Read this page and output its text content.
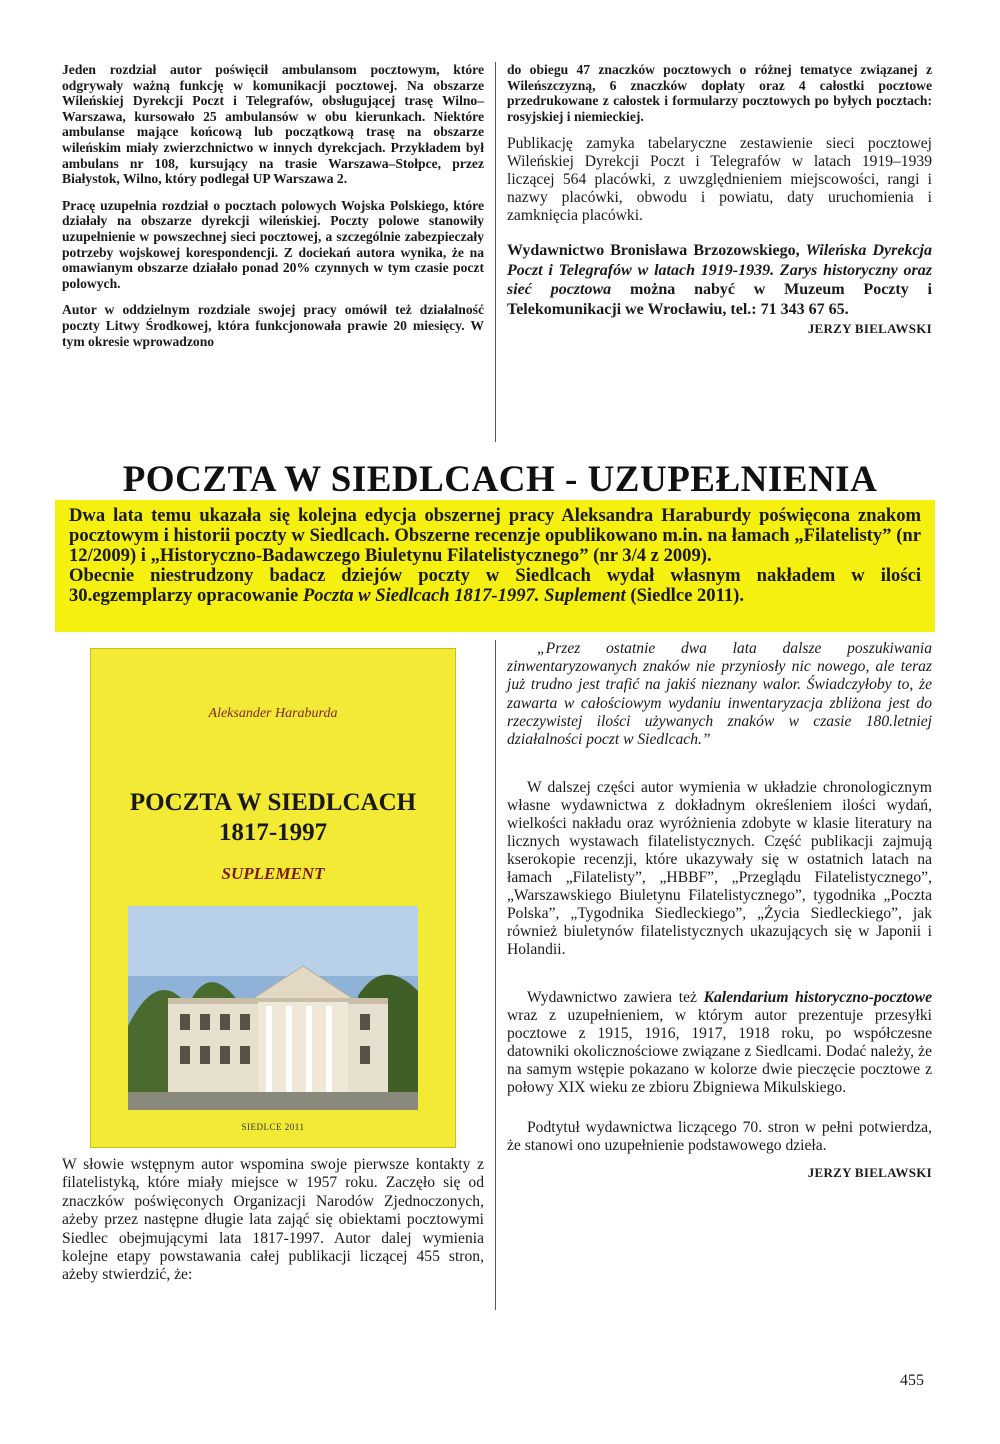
Jeden rozdział autor poświęcił ambulansom pocztowym, które odgrywały ważną funkcję w komunikacji pocztowej. Na obszarze Wileńskiej Dyrekcji Poczt i Telegrafów, obsługującej trasę Wilno–Warszawa, kursowało 25 ambulansów w obu kierunkach. Niektóre ambulanse mające końcową lub początkową trasę na obszarze wileńskim miały zwierzchnictwo w innych dyrekcjach. Przykładem był ambulans nr 108, kursujący na trasie Warszawa–Stołpce, przez Białystok, Wilno, który podlegał UP Warszawa 2.

Pracę uzupełnia rozdział o pocztach polowych Wojska Polskiego, które działały na obszarze dyrekcji wileńskiej. Poczty polowe stanowiły uzupełnienie w powszechnej sieci pocztowej, a szczególnie zabezpieczały potrzeby wojskowej korespondencji. Z dociekań autora wynika, że na omawianym obszarze działało ponad 20% czynnych w tym czasie poczt polowych.

Autor w oddzielnym rozdziale swojej pracy omówił też działalność poczty Litwy Środkowej, która funkcjonowała prawie 20 miesięcy. W tym okresie wprowadzono

do obiegu 47 znaczków pocztowych o różnej tematyce związanej z Wileńszczyzną, 6 znaczków dopłaty oraz 4 całostki pocztowe przedrukowane z całostek i formularzy pocztowych po byłych pocztach: rosyjskiej i niemieckiej.

Publikację zamyka tabelaryczne zestawienie sieci pocztowej Wileńskiej Dyrekcji Poczt i Telegrafów w latach 1919–1939 liczącej 564 placówki, z uwzględnieniem miejscowości, rangi i nazwy placówki, obwodu i powiatu, daty uruchomienia i zamknięcia placówki.

Wydawnictwo Bronisława Brzozowskiego, Wileńska Dyrekcja Poczt i Telegrafów w latach 1919-1939. Zarys historyczny oraz sieć pocztowa można nabyć w Muzeum Poczty i Telekomunikacji we Wrocławiu, tel.: 71 343 67 65.

JERZY BIELAWSKI

POCZTA W SIEDLCACH - UZUPEŁNIENIA

Dwa lata temu ukazała się kolejna edycja obszernej pracy Aleksandra Haraburdy poświęcona znakom pocztowym i historii poczty w Siedlcach. Obszerne recenzje opublikowano m.in. na łamach „Filatelisty” (nr 12/2009) i „Historyczno-Badawczego Biuletynu Filatelistycznego” (nr 3/4 z 2009).

Obecnie niestrudzony badacz dziejów poczty w Siedlcach wydał własnym nakładem w ilości 30.egzemplarzy opracowanie Poczta w Siedlcach 1817-1997. Suplement (Siedlce 2011).

Aleksander Haraburda
POCZTA W SIEDLCACH
1817-1997
SUPLEMENT
SIEDLCE 2011

W słowie wstępnym autor wspomina swoje pierwsze kontakty z filatelistyką, które miały miejsce w 1957 roku. Zaczęło się od znaczków poświęconych Organizacji Narodów Zjednoczonych, ażeby przez następne długie lata zająć się obiektami pocztowymi Siedlec obejmującymi lata 1817-1997. Autor dalej wymienia kolejne etapy powstawania całej publikacji liczącej 455 stron, ażeby stwierdzić, że:

„Przez ostatnie dwa lata dalsze poszukiwania zinwentaryzowanych znaków nie przyniosły nic nowego, ale teraz już trudno jest trafić na jakiś nieznany walor. Świadczyłoby to, że zawarta w całościowym wydaniu inwentaryzacja zbliżona jest do rzeczywistej ilości używanych znaków w czasie 180.letniej działalności poczt w Siedlcach.”

W dalszej części autor wymienia w układzie chronologicznym własne wydawnictwa z dokładnym określeniem ilości wydań, wielkości nakładu oraz wyróżnienia zdobyte w klasie literatury na licznych wystawach filatelistycznych. Część publikacji zajmują kserokopie recenzji, które ukazywały się w ostatnich latach na łamach „Filatelisty”, „HBBF”, „Przeglądu Filatelistycznego”, „Warszawskiego Biuletynu Filatelistycznego”, tygodnika „Poczta Polska”, „Tygodnika Siedleckiego”, „Życia Siedleckiego”, jak również biuletynów filatelistycznych ukazujących się w Japonii i Holandii.

Wydawnictwo zawiera też Kalendarium historyczno-pocztowe wraz z uzupełnieniem, w którym autor prezentuje przesyłki pocztowe z 1915, 1916, 1917, 1918 roku, po współczesne datowniki okolicznościowe związane z Siedlcami. Dodać należy, że na samym wstępie pokazano w kolorze dwie pieczęcie pocztowe z połowy XIX wieku ze zbioru Zbigniewa Mikulskiego.

Podtytuł wydawnictwa liczącego 70. stron w pełni potwierdza, że stanowi ono uzupełnienie podstawowego dzieła.

JERZY BIELAWSKI

455
